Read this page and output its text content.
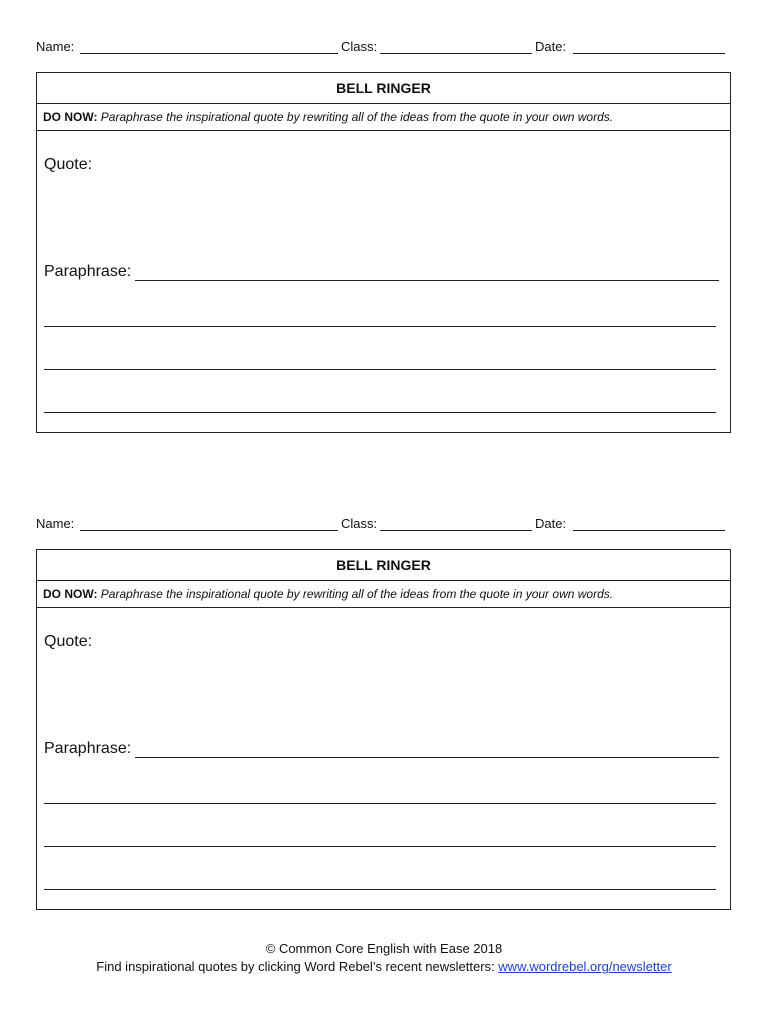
Name:	Class:	Date:
BELL RINGER
DO NOW: Paraphrase the inspirational quote by rewriting all of the ideas from the quote in your own words.
Quote:
Paraphrase:
Name:	Class:	Date:
BELL RINGER
DO NOW: Paraphrase the inspirational quote by rewriting all of the ideas from the quote in your own words.
Quote:
Paraphrase:
© Common Core English with Ease 2018
Find inspirational quotes by clicking Word Rebel’s recent newsletters: www.wordrebel.org/newsletter
